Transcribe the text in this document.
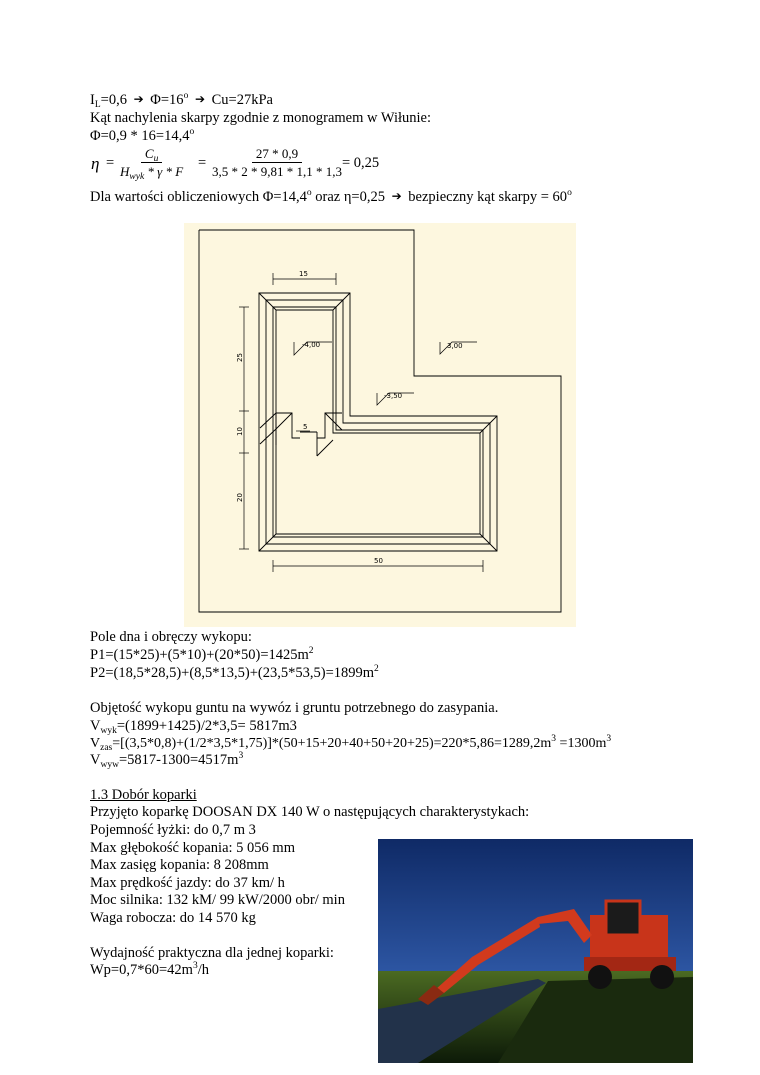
$I_L=0,6$ ➔ $\Phi=16^o$ ➔ Cu=27kPa
Kąt nachylenia skarpy zgodnie z monogramem w Wiłunie:
$\Phi=0,9 * 16=14,4^o$
η =
$C_u$
$H_{wyk}$ * γ * F
= $\frac{27 * 0,9}{3,5 * 2 * 9,81 * 1,1 * 1,3}$
= 0,25
Dla wartości obliczeniowych $\Phi=14,4^o$ oraz η=0,25 ➔ bezpieczny kąt skarpy = $60^o$
15
25
10
20
50
5
-4,00
-3,50
3,00
Pole dna i obręczy wykopu:
$P1=(15*25)+(5*10)+(20*50)=1425m^2$
$P2=(18,5*28,5)+(8,5*13,5)+(23,5*53,5)=1899m^2$
Objętość wykopu guntu na wywóz i gruntu potrzebnego do zasypania.
$V_{wyk}=(1899+1425)/2*3,5= 5817m3$
$V_{zas}=[(3,5*0,8)+(1/2*3,5*1,75)]*(50+15+20+40+50+20+25)=220*5,86=1289,2m^3 =1300m^3$
$V_{wyw}=5817-1300=4517m^3$
1.3 Dobór koparki
Przyjęto koparkę DOOSAN DX 140 W o następujących charakterystykach:
Pojemność łyżki: do 0,7 m 3
Max głębokość kopania: 5 056 mm
Max zasięg kopania: 8 208mm
Max prędkość jazdy: do 37 km/ h
Moc silnika: 132 kM/ 99 kW/2000 obr/ min
Waga robocza: do 14 570 kg
Wydajność praktyczna dla jednej koparki:
$Wp=0,7*60=42m^3/h$
